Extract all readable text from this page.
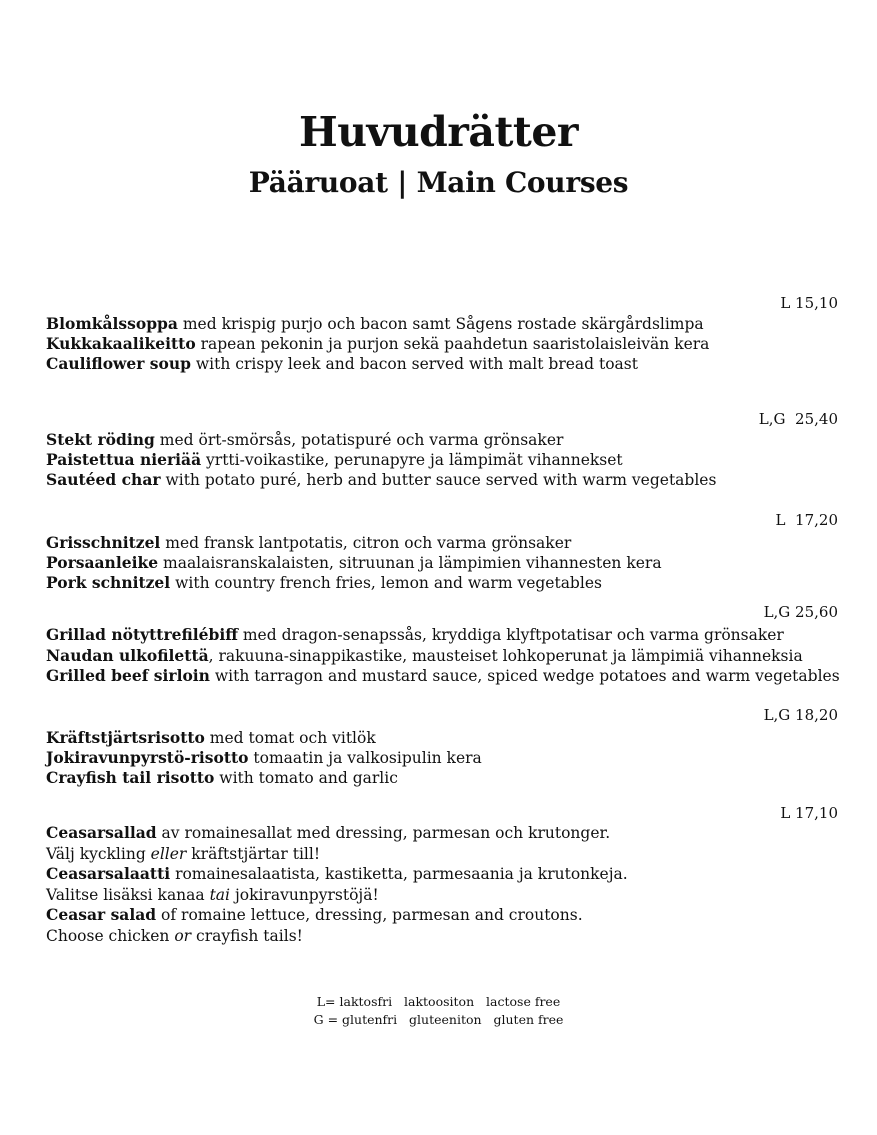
Huvudrätter
Pääruoat | Main Courses
L 15,10
Blomkålssoppa med krispig purjo och bacon samt Sågens rostade skärgårdslimpa
Kukkakaalikeitto rapean pekonin ja purjon sekä paahdetun saaristolaisleivän kera
Cauliflower soup with crispy leek and bacon served with malt bread toast
L,G  25,40
Stekt röding med ört-smörsås, potatispuré och varma grönsaker
Paistettua nieriää yrtti-voikastike, perunapyre ja lämpimät vihannekset
Sautéed char with potato puré, herb and butter sauce served with warm vegetables
L  17,20
Grisschnitzel med fransk lantpotatis, citron och varma grönsaker
Porsaanleike maalaisranskalaisten, sitruunan ja lämpimien vihannesten kera
Pork schnitzel with country french fries, lemon and warm vegetables
L,G 25,60
Grillad nötyttrefilébiff med dragon-senapssås, kryddiga klyftpotatisar och varma grönsaker
Naudan ulkofilettä, rakuuna-sinappikastike, mausteiset lohkoperunat ja lämpimiä vihanneksia
Grilled beef sirloin with tarragon and mustard sauce, spiced wedge potatoes and warm vegetables
L,G 18,20
Kräftstjärtsrisotto med tomat och vitlök
Jokiravunpyrstö-risotto tomaatin ja valkosipulin kera
Crayfish tail risotto with tomato and garlic
L 17,10
Ceasarsallad av romainesallat med dressing, parmesan och krutonger.
Välj kyckling eller kräftstjärtar till!
Ceasarsalaatti romainesalaatista, kastiketta, parmesaania ja krutonkeja.
Valitse lisäksi kanaa tai jokiravunpyrstöjä!
Ceasar salad of romaine lettuce, dressing, parmesan and croutons.
Choose chicken or crayfish tails!
L= laktosfri   laktoositon   lactose free
G = glutenfri   gluteeniton   gluten free
